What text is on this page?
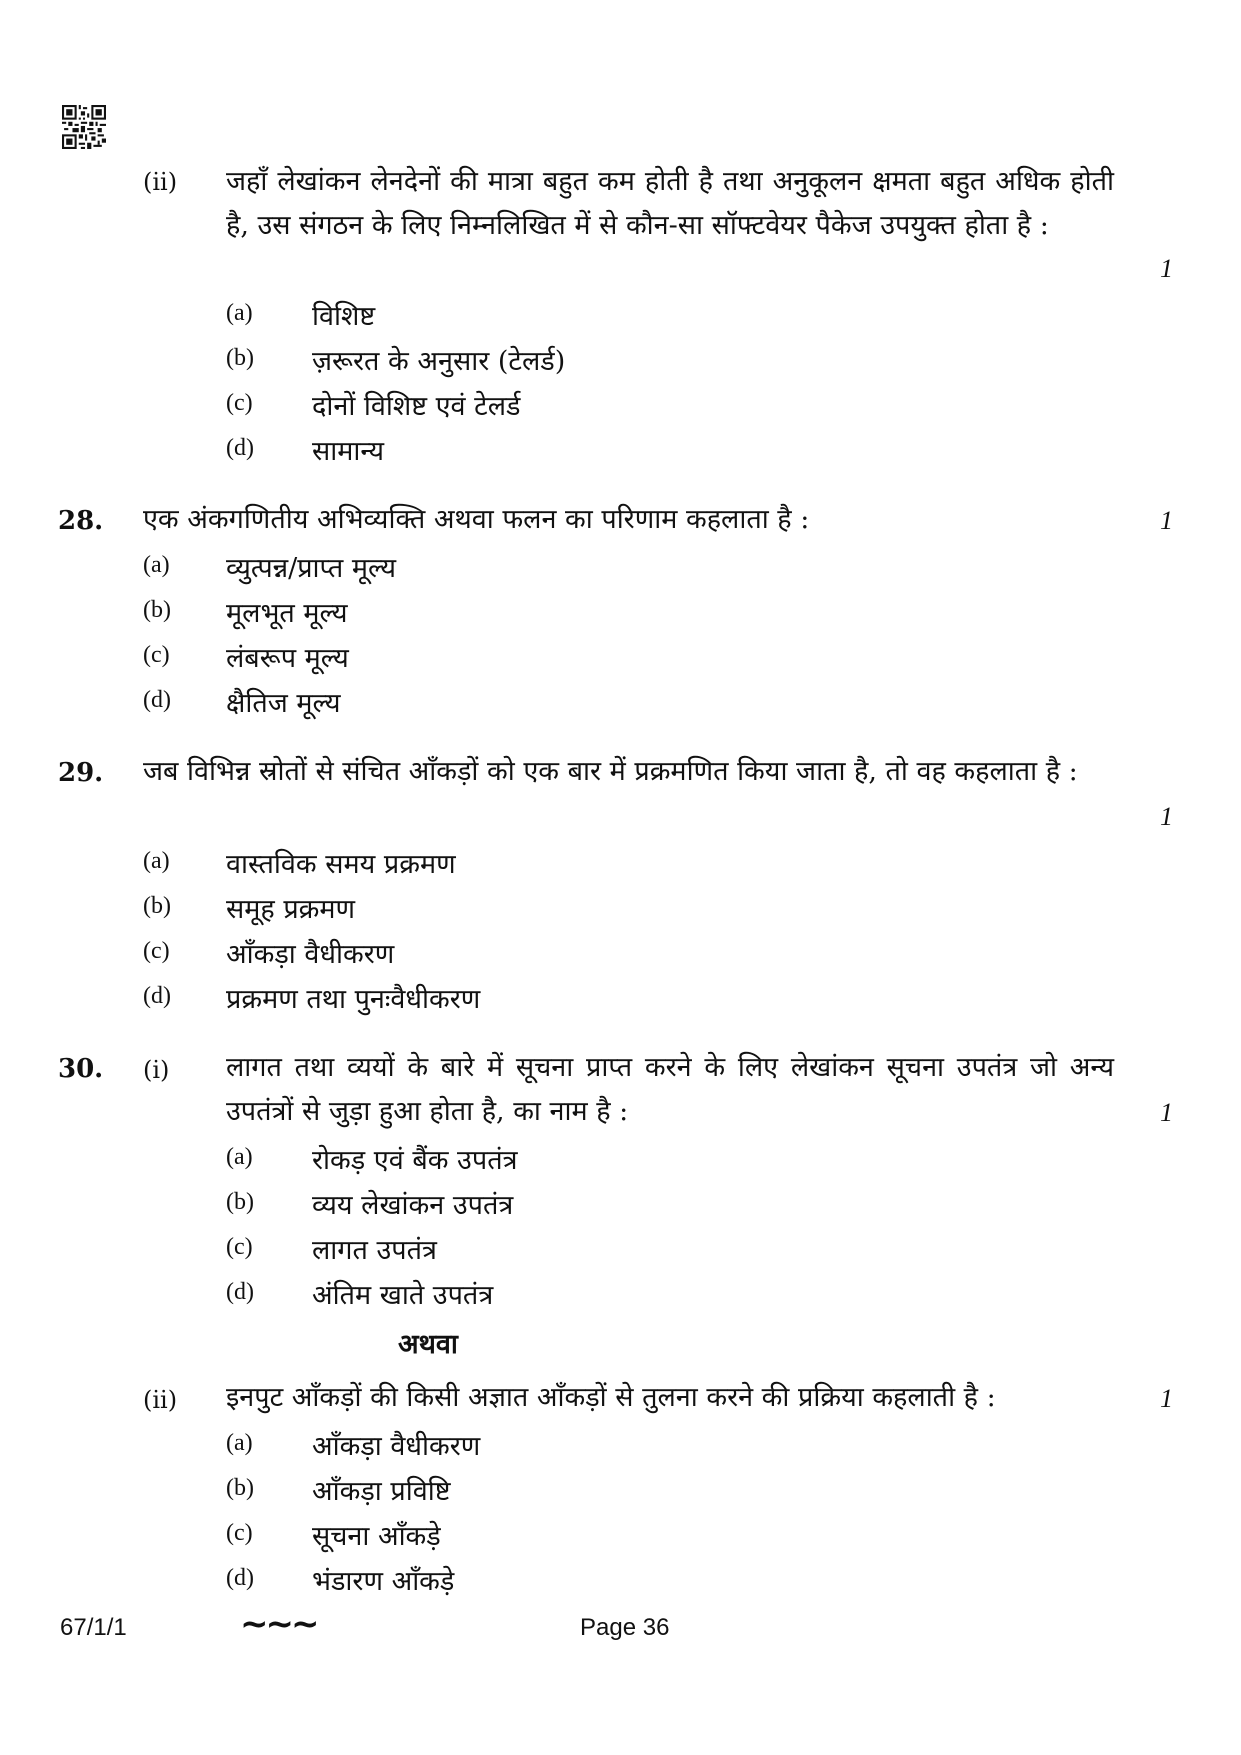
(ii) जहाँ लेखांकन लेनदेनों की मात्रा बहुत कम होती है तथा अनुकूलन क्षमता बहुत अधिक होती है, उस संगठन के लिए निम्नलिखित में से कौन-सा सॉफ्टवेयर पैकेज उपयुक्त होता है :
1
(a) विशिष्ट
(b) ज़रूरत के अनुसार (टेलर्ड)
(c) दोनों विशिष्ट एवं टेलर्ड
(d) सामान्य
28. एक अंकगणितीय अभिव्यक्ति अथवा फलन का परिणाम कहलाता है :	1
(a) व्युत्पन्न/प्राप्त मूल्य
(b) मूलभूत मूल्य
(c) लंबरूप मूल्य
(d) क्षैतिज मूल्य
29. जब विभिन्न स्रोतों से संचित आँकड़ों को एक बार में प्रक्रमणित किया जाता है, तो वह कहलाता है :
1
(a) वास्तविक समय प्रक्रमण
(b) समूह प्रक्रमण
(c) आँकड़ा वैधीकरण
(d) प्रक्रमण तथा पुनःवैधीकरण
30. (i) लागत तथा व्ययों के बारे में सूचना प्राप्त करने के लिए लेखांकन सूचना उपतंत्र जो अन्य उपतंत्रों से जुड़ा हुआ होता है, का नाम है :	1
(a) रोकड़ एवं बैंक उपतंत्र
(b) व्यय लेखांकन उपतंत्र
(c) लागत उपतंत्र
(d) अंतिम खाते उपतंत्र
अथवा
(ii) इनपुट आँकड़ों की किसी अज्ञात आँकड़ों से तुलना करने की प्रक्रिया कहलाती है :	1
(a) आँकड़ा वैधीकरण
(b) आँकड़ा प्रविष्टि
(c) सूचना आँकड़े
(d) भंडारण आँकड़े
67/1/1	~~~	Page 36
